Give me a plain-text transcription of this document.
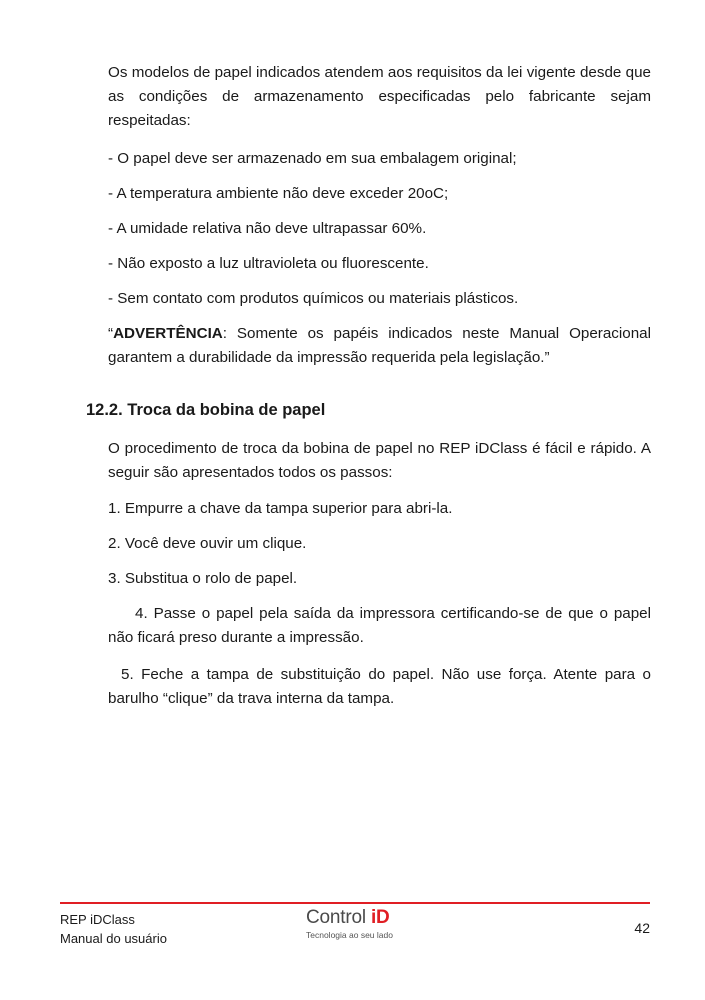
Os modelos de papel indicados atendem aos requisitos da lei vigente desde que as condições de armazenamento especificadas pelo fabricante sejam respeitadas:

- O papel deve ser armazenado em sua embalagem original;

- A temperatura ambiente não deve exceder 20oC;

- A umidade relativa não deve ultrapassar 60%.

- Não exposto a luz ultravioleta ou fluorescente.

- Sem contato com produtos químicos ou materiais plásticos.

“ADVERTÊNCIA: Somente os papéis indicados neste Manual Operacional garantem a durabilidade da impressão requerida pela legislação.”

12.2. Troca da bobina de papel

O procedimento de troca da bobina de papel no REP iDClass é fácil e rápido. A seguir são apresentados todos os passos:

1. Empurre a chave da tampa superior para abri-la.

2. Você deve ouvir um clique.

3. Substitua o rolo de papel.

4. Passe o papel pela saída da impressora certificando-se de que o papel não ficará preso durante a impressão.

5. Feche a tampa de substituição do papel. Não use força. Atente para o barulho “clique” da trava interna da tampa.

REP iDClass
Manual do usuário
Control iD
Tecnologia ao seu lado	42
